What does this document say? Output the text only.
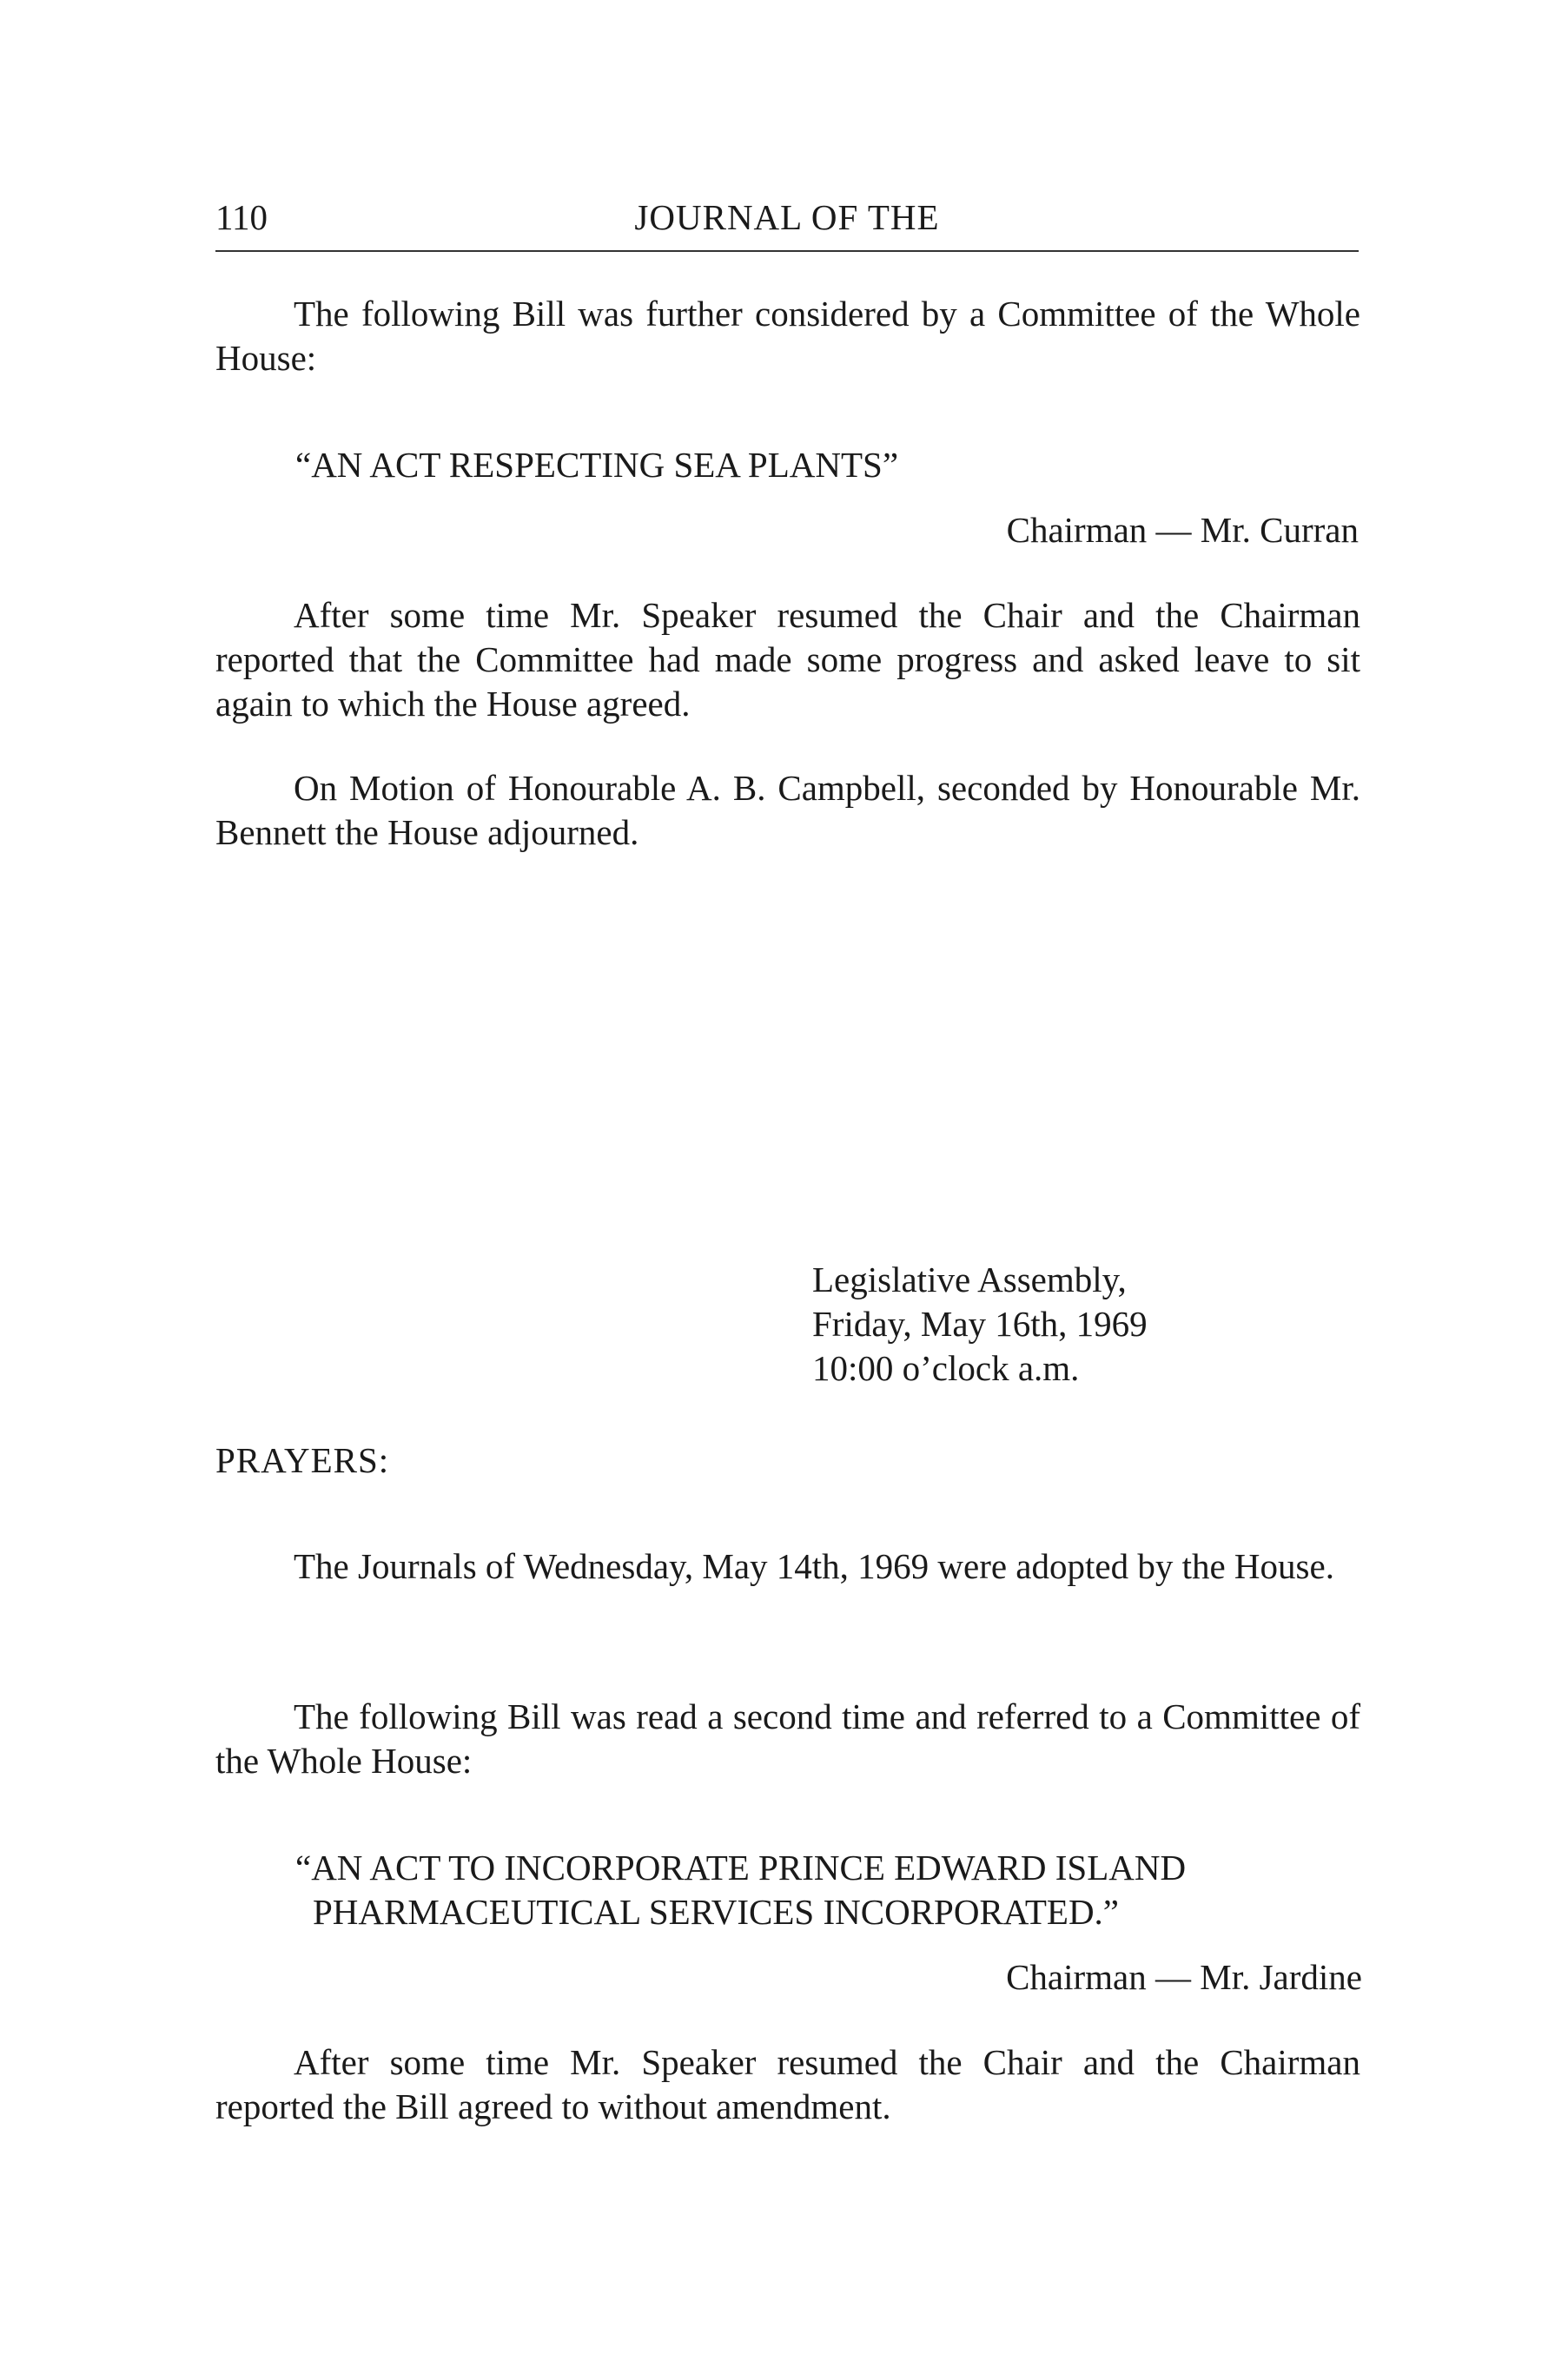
110	JOURNAL OF THE

The following Bill was further considered by a Committee of the Whole House:

“AN ACT RESPECTING SEA PLANTS”

Chairman — Mr. Curran

After some time Mr. Speaker resumed the Chair and the Chairman reported that the Committee had made some progress and asked leave to sit again to which the House agreed.

On Motion of Honourable A. B. Campbell, seconded by Honourable Mr. Bennett the House adjourned.

Legislative Assembly,
Friday, May 16th, 1969
10:00 o’clock a.m.
PRAYERS:

The Journals of Wednesday, May 14th, 1969 were adopted by the House.

The following Bill was read a second time and referred to a Committee of the Whole House:

“AN ACT TO INCORPORATE PRINCE EDWARD ISLAND

PHARMACEUTICAL SERVICES INCORPORATED.”

Chairman — Mr. Jardine

After some time Mr. Speaker resumed the Chair and the Chairman reported the Bill agreed to without amendment.
